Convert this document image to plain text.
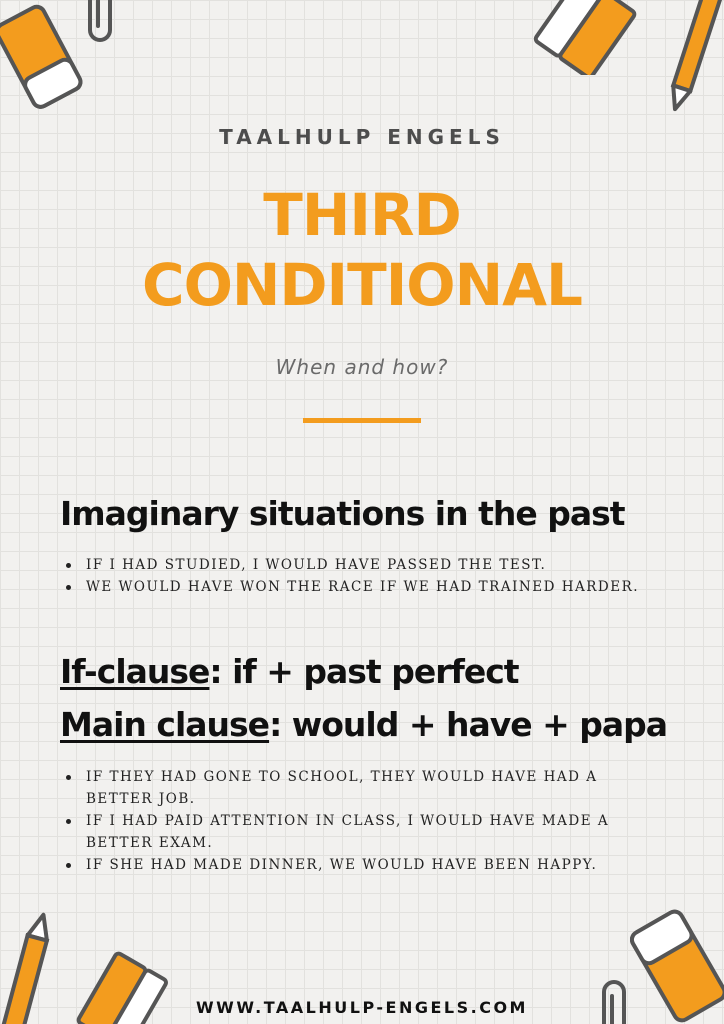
TAALHULP ENGELS
THIRD
CONDITIONAL
When and how?
Imaginary situations in the past
IF I HAD STUDIED, I WOULD HAVE PASSED THE TEST.
WE WOULD HAVE WON THE RACE IF WE HAD TRAINED HARDER.
If-clause: if + past perfect
Main clause: would + have + papa
IF THEY HAD GONE TO SCHOOL, THEY WOULD HAVE HAD A BETTER JOB.
IF I HAD PAID ATTENTION IN CLASS, I WOULD HAVE MADE A BETTER EXAM.
IF SHE HAD MADE DINNER, WE WOULD HAVE BEEN HAPPY.
WWW.TAALHULP-ENGELS.COM
